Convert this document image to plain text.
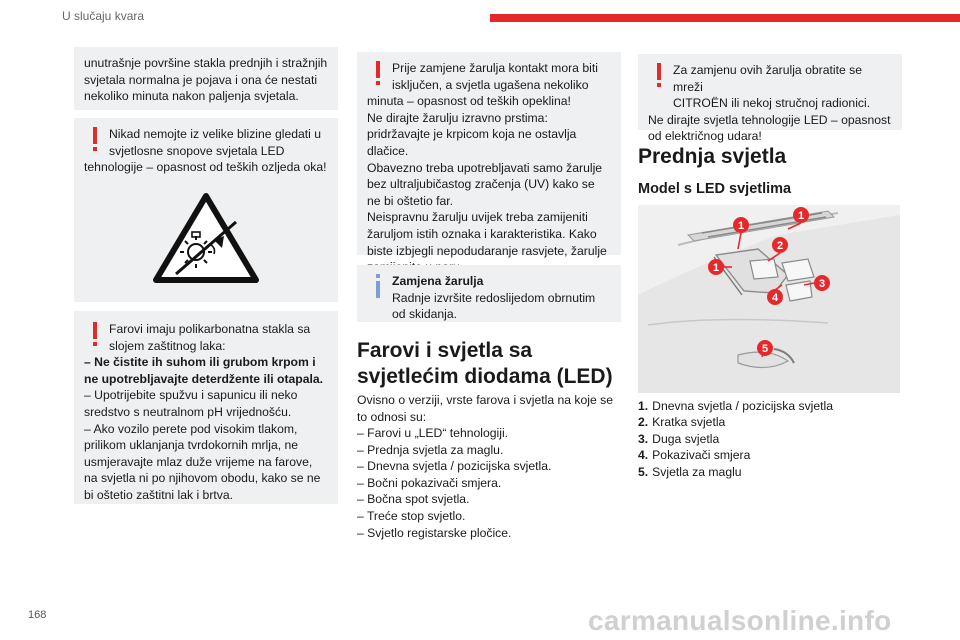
U slučaju kvara
168	carmanualsonline.info
unutrašnje površine stakla prednjih i stražnjih svjetala normalna je pojava i ona će nestati nekoliko minuta nakon paljenja svjetala.
Nikad nemojte iz velike blizine gledati u svjetlosne snopove svjetala LED
tehnologije – opasnost od teških ozljeda oka!
Farovi imaju polikarbonatna stakla sa slojem zaštitnog laka:
– Ne čistite ih suhom ili grubom krpom i ne upotrebljavajte deterdžente ili otapala.
– Upotrijebite spužvu i sapunicu ili neko sredstvo s neutralnom pH vrijednošću.
– Ako vozilo perete pod visokim tlakom, prilikom uklanjanja tvrdokornih mrlja, ne usmjeravajte mlaz duže vrijeme na farove, na svjetla ni po njihovom obodu, kako se ne bi oštetio zaštitni lak i brtva.
Prije zamjene žarulja kontakt mora biti isključen, a svjetla ugašena nekoliko
minuta – opasnost od teških opeklina!
Ne dirajte žarulju izravno prstima: pridržavajte je krpicom koja ne ostavlja dlačice.
Obavezno treba upotrebljavati samo žarulje bez ultraljubičastog zračenja (UV) kako se ne bi oštetio far.
Neispravnu žarulju uvijek treba zamijeniti žaruljom istih oznaka i karakteristika. Kako biste izbjegli nepodudaranje rasvjete, žarulje
Zamjena žarulja
Radnje izvršite redoslijedom obrnutim od skidanja.
Farovi i svjetla sa svjetlećim diodama (LED)
Ovisno o verziji, vrste farova i svjetla na koje se to odnosi su:
– Farovi u „LED“ tehnologiji.
– Prednja svjetla za maglu.
– Dnevna svjetla / pozicijska svjetla.
– Bočni pokazivači smjera.
– Bočna spot svjetla.
– Treće stop svjetlo.
– Svjetlo registarske pločice.
Za zamjenu ovih žarulja obratite se mreži
CITROËN ili nekoj stručnoj radionici.
Ne dirajte svjetla tehnologije LED – opasnost od električnog udara!
Prednja svjetla
Model s LED svjetlima
1
1
1
2
3
4
5
1. Dnevna svjetla / pozicijska svjetla
2. Kratka svjetla
3. Duga svjetla
4. Pokazivači smjera
5. Svjetla za maglu
